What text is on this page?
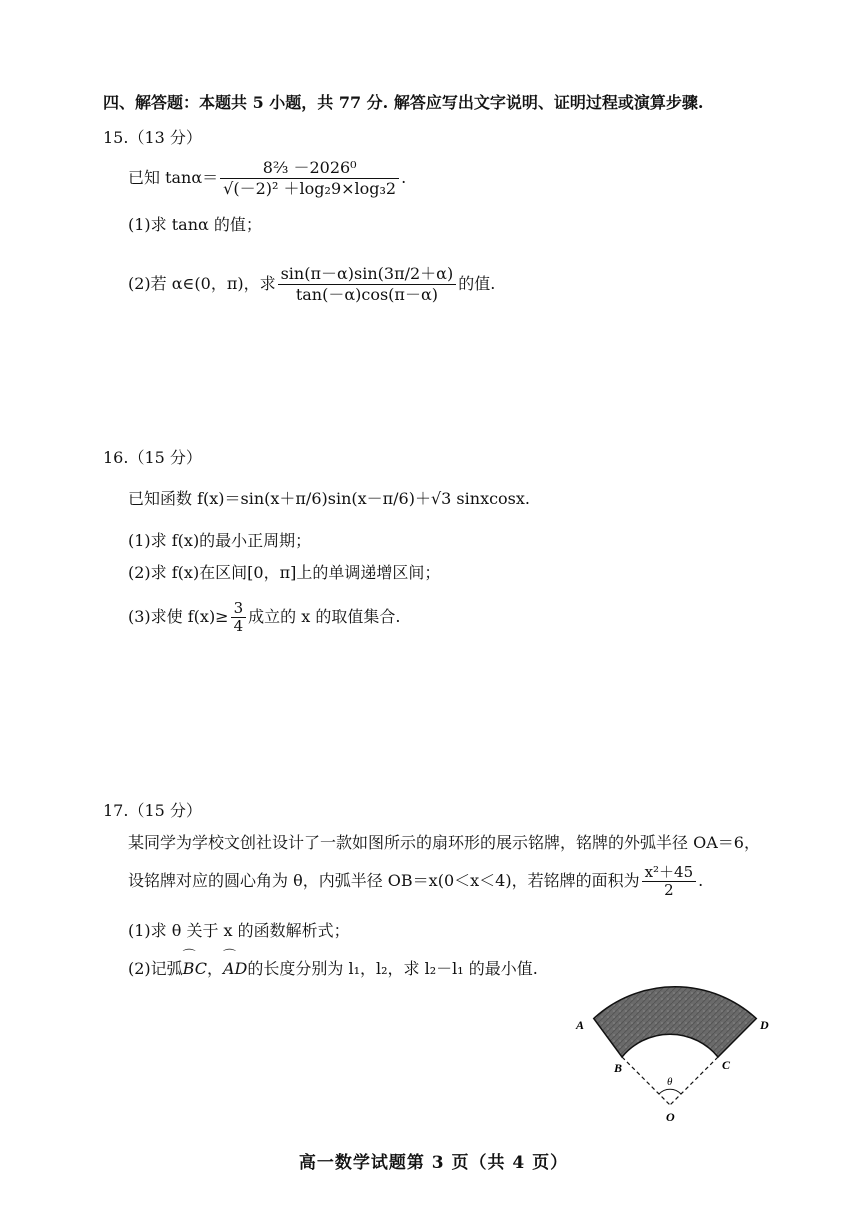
四、解答题：本题共 5 小题，共 77 分. 解答应写出文字说明、证明过程或演算步骤.
15.（13 分）
已知 $\tan\alpha= \frac{\text{8⅔ －2026⁰}}{\text{√(－2)² ＋log₂9×log₃2}}$ .
(1)求 tanα 的值；
(2)若 α∈(0，π)，求 $\frac{\sin(\pi-\alpha)\sin(3\pi/2+\alpha)}{\tan(-\alpha)\cos(\pi-\alpha)}$ 的值.
16.（15 分）
已知函数 f(x)＝sin(x＋π/6)sin(x－π/6)＋√3 sinxcosx.
(1)求 f(x)的最小正周期；
(2)求 f(x)在区间[0，π]上的单调递增区间；
(3)求使 $f(x)\ge \frac{3}{4}$ 成立的 x 的取值集合.
17.（15 分）
某同学为学校文创社设计了一款如图所示的扇环形的展示铭牌，铭牌的外弧半径 OA＝6，
设铭牌对应的圆心角为 θ，内弧半径 OB＝x(0＜x＜4)，若铭牌的面积为 $\frac{\text{x²＋45}}{2}$ .
(1)求 θ 关于 x 的函数解析式；
(2)记弧⌒ BC，⌒ AD的长度分别为 l₁，l₂，求 l₂－l₁ 的最小值.
A	D
B	C
θ
O
高一数学试题第 3 页（共 4 页）
